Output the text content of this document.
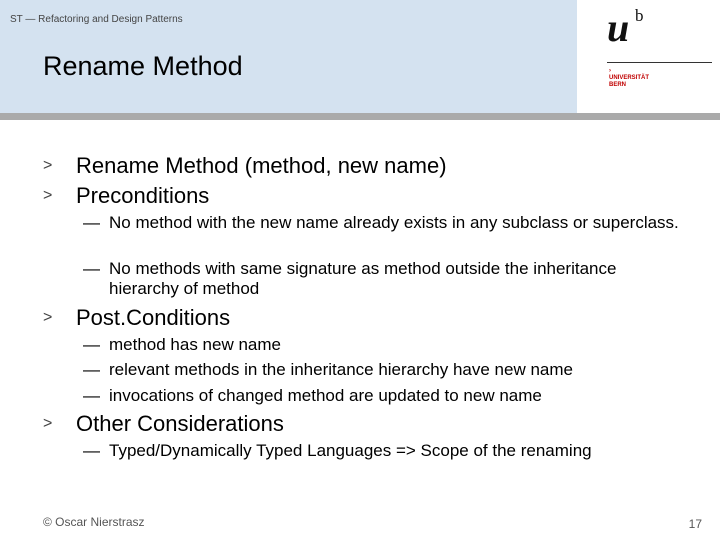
ST — Refactoring and Design Patterns
Rename Method
u b
›
UNIVERSITÄT
BERN
> Rename Method (method, new name)
> Preconditions
— No method with the new name already exists in any subclass or superclass.
— No methods with same signature as method outside the inheritance hierarchy of method
> Post.Conditions
— method has new name
— relevant methods in the inheritance hierarchy have new name
— invocations of changed method are updated to new name
> Other Considerations
— Typed/Dynamically Typed Languages => Scope of the renaming
© Oscar Nierstrasz	17
